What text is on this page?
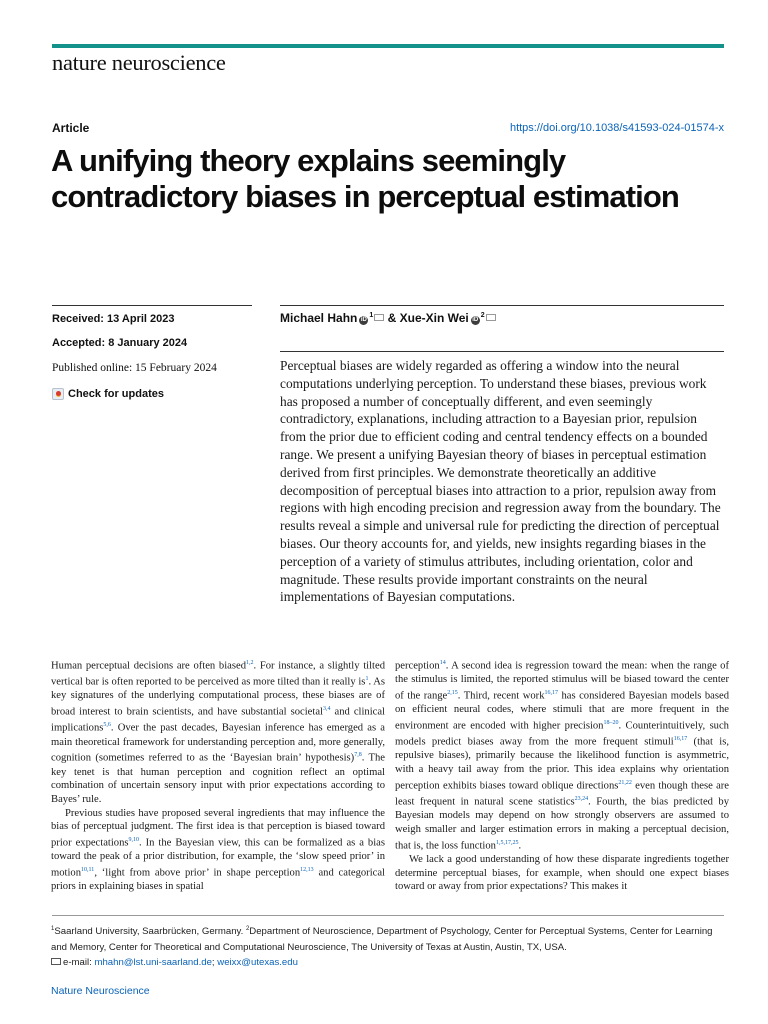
nature neuroscience
Article	https://doi.org/10.1038/s41593-024-01574-x
A unifying theory explains seemingly contradictory biases in perceptual estimation
Received: 13 April 2023
Accepted: 8 January 2024
Published online: 15 February 2024
Check for updates
Michael Hahn $iD^1$ & Xue-Xin Wei $iD^2$

Perceptual biases are widely regarded as offering a window into the neural computations underlying perception. To understand these biases, previous work has proposed a number of conceptually different, and even seemingly contradictory, explanations, including attraction to a Bayesian prior, repulsion from the prior due to efficient coding and central tendency effects on a bounded range. We present a unifying Bayesian theory of biases in perceptual estimation derived from first principles. We demonstrate theoretically an additive decomposition of perceptual biases into attraction to a prior, repulsion away from regions with high encoding precision and regression away from the boundary. The results reveal a simple and universal rule for predicting the direction of perceptual biases. Our theory accounts for, and yields, new insights regarding biases in the perception of a variety of stimulus attributes, including orientation, color and magnitude. These results provide important constraints on the neural implementations of Bayesian computations.

Human perceptual decisions are often biased$^{1,2}$. For instance, a slightly tilted vertical bar is often reported to be perceived as more tilted than it really $is^1$. As key signatures of the underlying computational process, these biases are of broad interest to brain scientists, and have substantial societal$^{3,4}$ and clinical implications$^{5,6}$. Over the past decades, Bayesian inference has emerged as a main theoretical framework for understanding perception and, more generally, cognition (sometimes referred to as the ‘Bayesian brain’ hypothesis)$^{7,8}$. The key tenet is that human perception and cognition reflect an optimal combination of uncertain sensory input with prior expectations according to Bayes’ rule.

Previous studies have proposed several ingredients that may influence the bias of perceptual judgment. The first idea is that perception is biased toward prior expectations$^{9,10}$. In the Bayesian view, this can be formalized as a bias toward the peak of a prior distribution, for example, the ‘slow speed prior’ in motion$^{10,11}$, ‘light from above prior’ in shape perception$^{12,13}$ and categorical priors in explaining biases in spatial

perception$^{14}$. A second idea is regression toward the mean: when the range of the stimulus is limited, the reported stimulus will be biased toward the center of the range$^{2,15}$. Third, recent work$^{16,17}$ has considered Bayesian models based on efficient neural codes, where stimuli that are more frequent in the environment are encoded with higher precision$^{18-20}$. Counterintuitively, such models predict biases away from the more frequent stimuli$^{16,17}$ (that is, repulsive biases), primarily because the likelihood function is asymmetric, with a heavy tail away from the prior. This idea explains why orientation perception exhibits biases toward oblique directions$^{21,22}$ even though these are least frequent in natural scene statistics$^{23,24}$. Fourth, the bias predicted by Bayesian models may depend on how strongly observers are assumed to weigh smaller and larger estimation errors in making a perceptual decision, that is, the loss function$^{1,5,17,25}$.

We lack a good understanding of how these disparate ingredients together determine perceptual biases, for example, when should one expect biases toward or away from prior expectations? This makes it

$^1$Saarland University, Saarbrücken, Germany. $^2$Department of Neuroscience, Department of Psychology, Center for Perceptual Systems, Center for Learning and Memory, Center for Theoretical and Computational Neuroscience, The University of Texas at Austin, Austin, TX, USA.
e-mail: mhahn@lst.uni-saarland.de; weixx@utexas.edu
Nature Neuroscience
